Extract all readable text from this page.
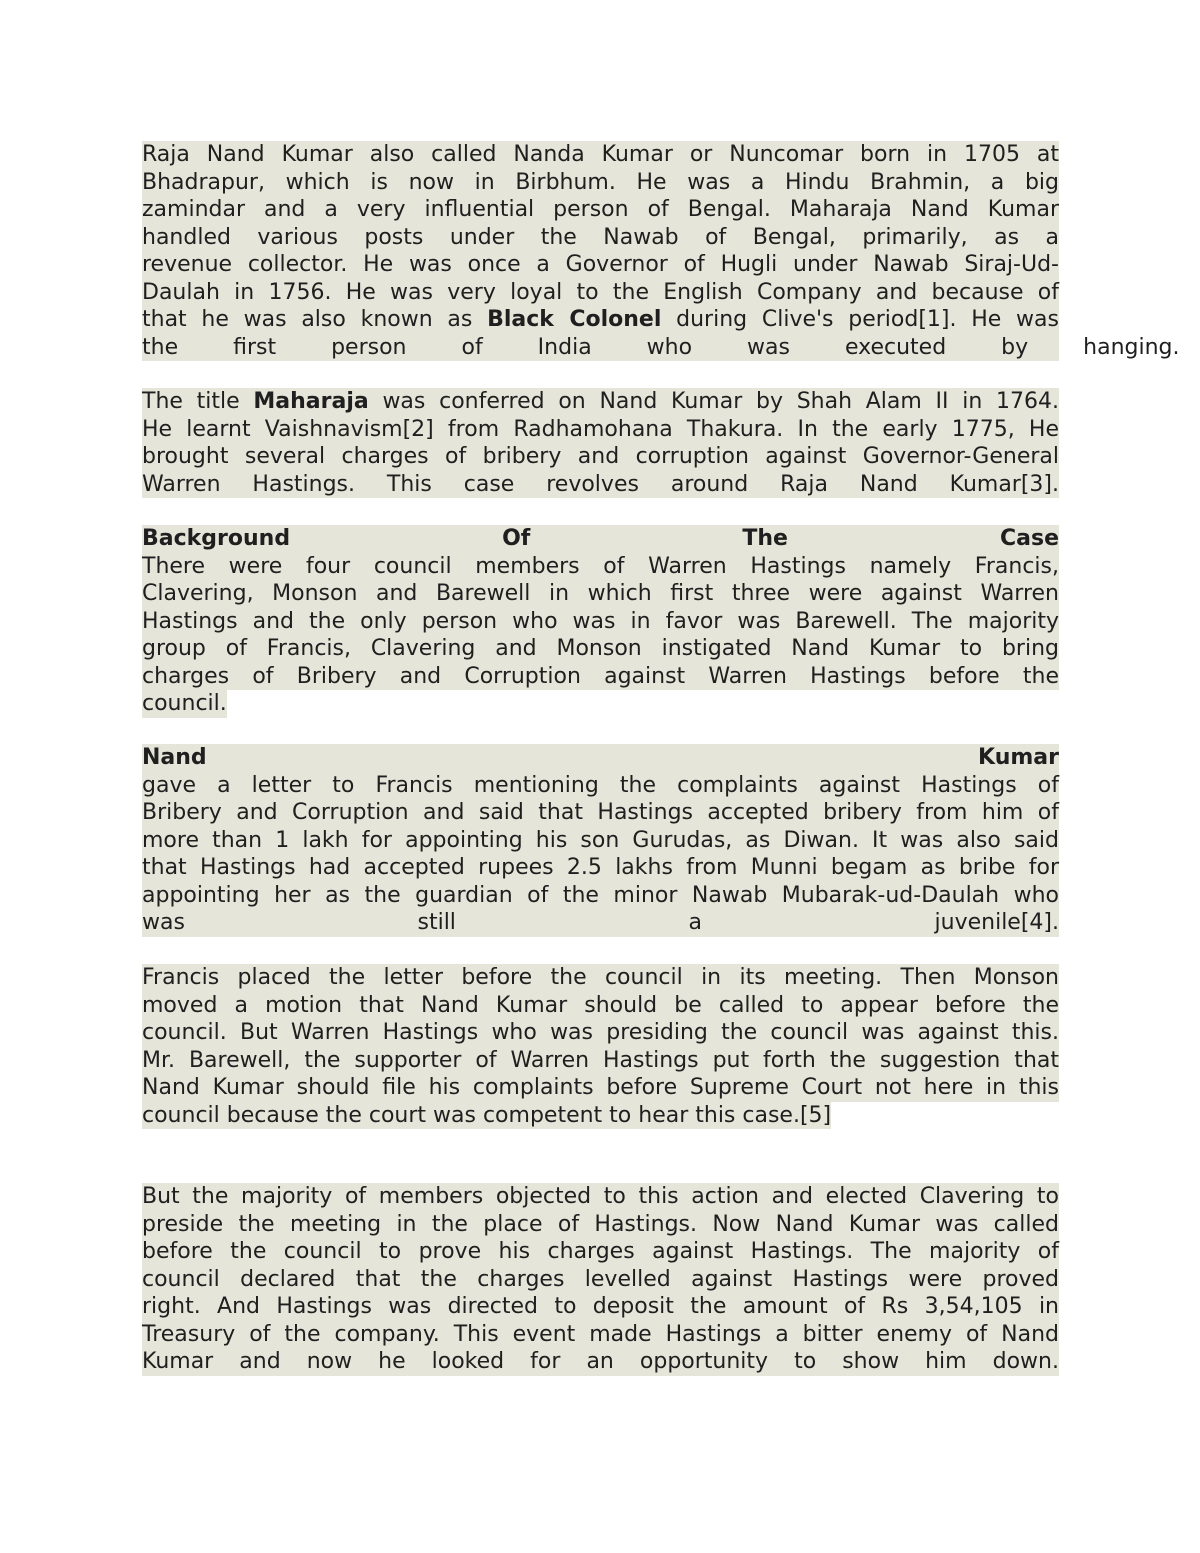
Raja Nand Kumar also called Nanda Kumar or Nuncomar born in 1705 at
Bhadrapur, which is now in Birbhum. He was a Hindu Brahmin, a big
zamindar and a very influential person of Bengal. Maharaja Nand Kumar
handled various posts under the Nawab of Bengal, primarily, as a
revenue collector. He was once a Governor of Hugli under Nawab Siraj-Ud-
Daulah in 1756. He was very loyal to the English Company and because of
that he was also known as Black Colonel during Clive's period[1]. He was
the first person of India who was executed by hanging.
The title Maharaja was conferred on Nand Kumar by Shah Alam II in 1764.
He learnt Vaishnavism[2] from Radhamohana Thakura. In the early 1775, He
brought several charges of bribery and corruption against Governor-General
Warren Hastings. This case revolves around Raja Nand Kumar[3].
Background Of The Case
There were four council members of Warren Hastings namely Francis,
Clavering, Monson and Barewell in which first three were against Warren
Hastings and the only person who was in favor was Barewell. The majority
group of Francis, Clavering and Monson instigated Nand Kumar to bring
charges of Bribery and Corruption against Warren Hastings before the
council.
Nand Kumar
gave a letter to Francis mentioning the complaints against Hastings of
Bribery and Corruption and said that Hastings accepted bribery from him of
more than 1 lakh for appointing his son Gurudas, as Diwan. It was also said
that Hastings had accepted rupees 2.5 lakhs from Munni begam as bribe for
appointing her as the guardian of the minor Nawab Mubarak-ud-Daulah who
was still a juvenile[4].
Francis placed the letter before the council in its meeting. Then Monson
moved a motion that Nand Kumar should be called to appear before the
council. But Warren Hastings who was presiding the council was against this.
Mr. Barewell, the supporter of Warren Hastings put forth the suggestion that
Nand Kumar should file his complaints before Supreme Court not here in this
council because the court was competent to hear this case.[5]
But the majority of members objected to this action and elected Clavering to
preside the meeting in the place of Hastings. Now Nand Kumar was called
before the council to prove his charges against Hastings. The majority of
council declared that the charges levelled against Hastings were proved
right. And Hastings was directed to deposit the amount of Rs 3,54,105 in
Treasury of the company. This event made Hastings a bitter enemy of Nand
Kumar and now he looked for an opportunity to show him down.
